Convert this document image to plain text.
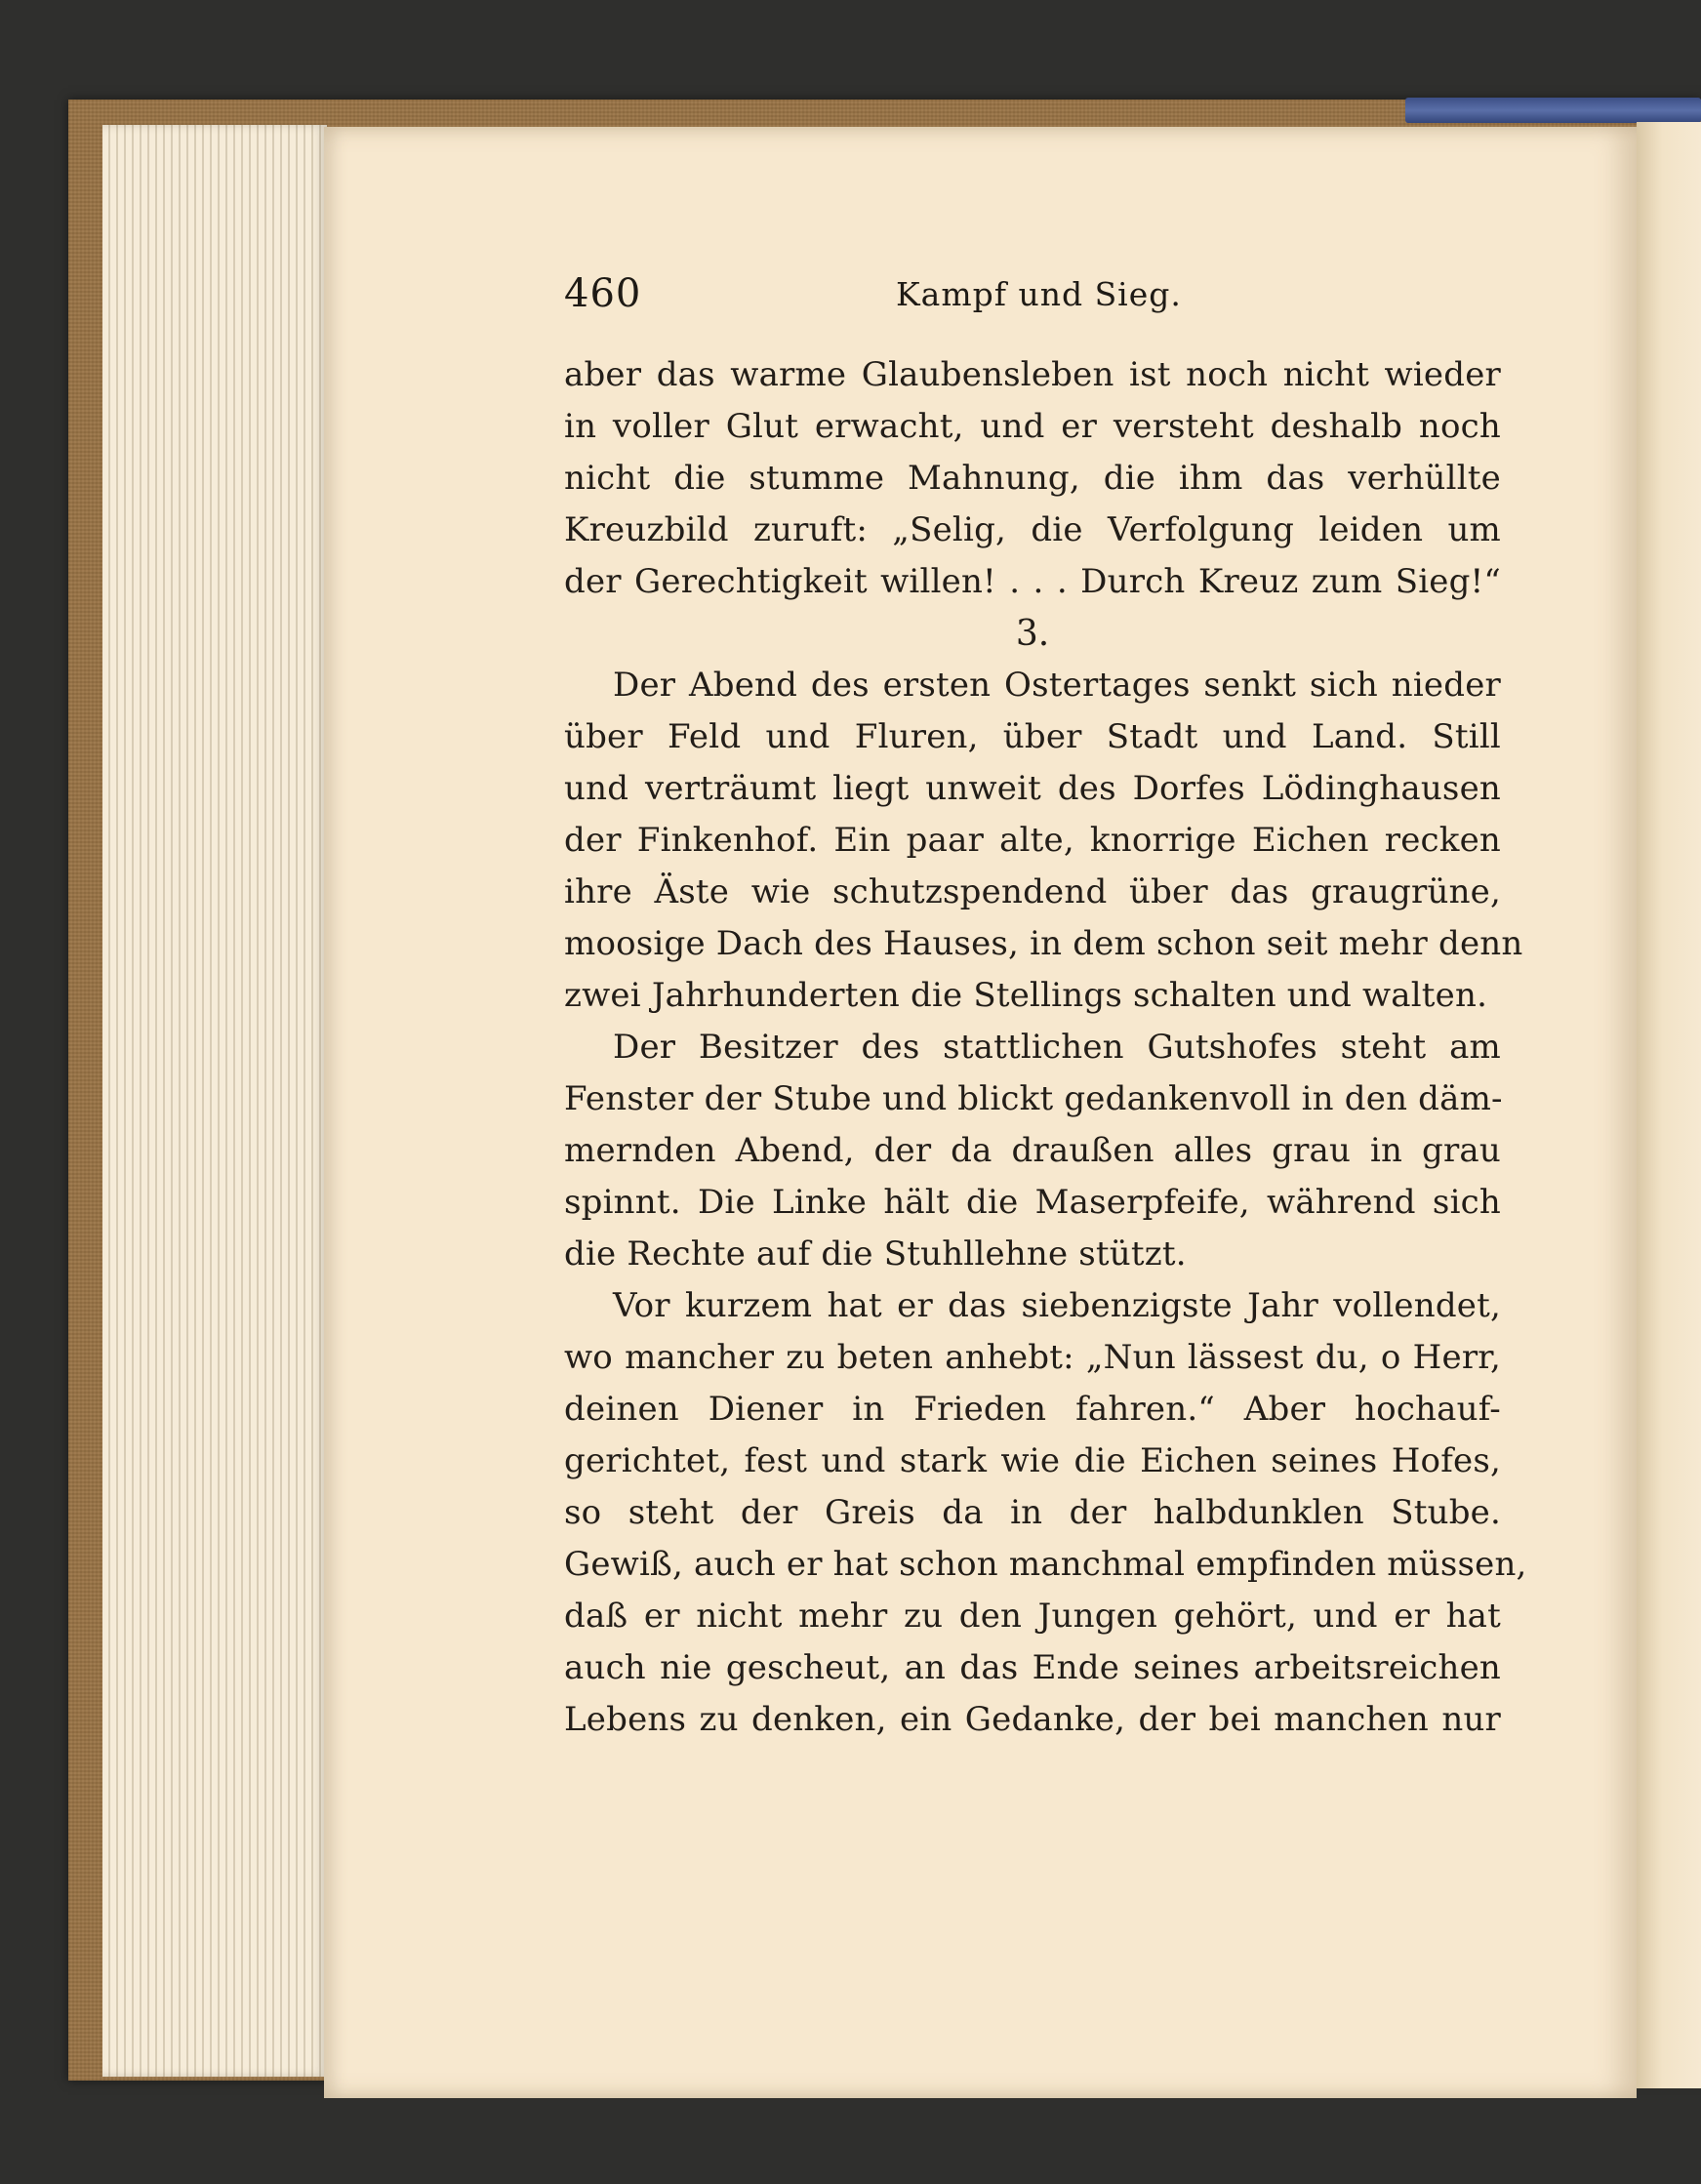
460	Kampf und Sieg.
aber das warme Glaubensleben ist noch nicht wieder
in voller Glut erwacht, und er versteht deshalb noch
nicht die stumme Mahnung, die ihm das verhüllte
Kreuzbild zuruft: „Selig, die Verfolgung leiden um
der Gerechtigkeit willen! . . . Durch Kreuz zum Sieg!“
3.
Der Abend des ersten Ostertages senkt sich nieder
über Feld und Fluren, über Stadt und Land. Still
und verträumt liegt unweit des Dorfes Lödinghausen
der Finkenhof. Ein paar alte, knorrige Eichen recken
ihre Äste wie schutzspendend über das graugrüne,
moosige Dach des Hauses, in dem schon seit mehr denn
zwei Jahrhunderten die Stellings schalten und walten.
Der Besitzer des stattlichen Gutshofes steht am
Fenster der Stube und blickt gedankenvoll in den däm-
mernden Abend, der da draußen alles grau in grau
spinnt. Die Linke hält die Maserpfeife, während sich
die Rechte auf die Stuhllehne stützt.
Vor kurzem hat er das siebenzigste Jahr vollendet,
wo mancher zu beten anhebt: „Nun lässest du, o Herr,
deinen Diener in Frieden fahren.“ Aber hochauf-
gerichtet, fest und stark wie die Eichen seines Hofes,
so steht der Greis da in der halbdunklen Stube.
Gewiß, auch er hat schon manchmal empfinden müssen,
daß er nicht mehr zu den Jungen gehört, und er hat
auch nie gescheut, an das Ende seines arbeitsreichen
Lebens zu denken, ein Gedanke, der bei manchen nur
